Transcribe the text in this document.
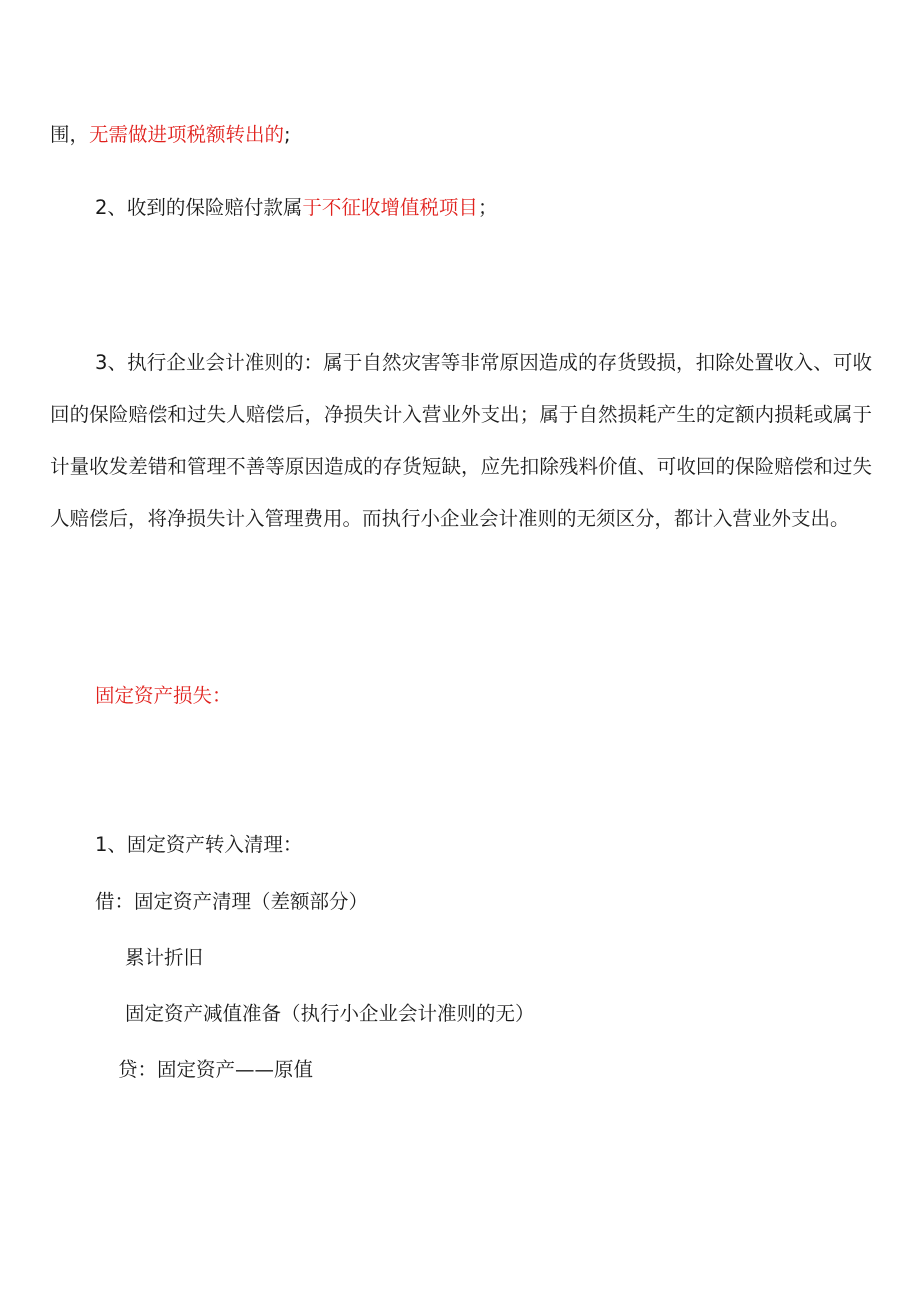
围，无需做进项税额转出的;
2、收到的保险赔付款属于不征收增值税项目；
3、执行企业会计准则的：属于自然灾害等非常原因造成的存货毁损，扣除处置收入、可收回的保险赔偿和过失人赔偿后，净损失计入营业外支出；属于自然损耗产生的定额内损耗或属于计量收发差错和管理不善等原因造成的存货短缺，应先扣除残料价值、可收回的保险赔偿和过失人赔偿后，将净损失计入管理费用。而执行小企业会计准则的无须区分，都计入营业外支出。
固定资产损失：
1、固定资产转入清理：
借：固定资产清理（差额部分）
累计折旧
固定资产减值准备（执行小企业会计准则的无）
贷：固定资产——原值
